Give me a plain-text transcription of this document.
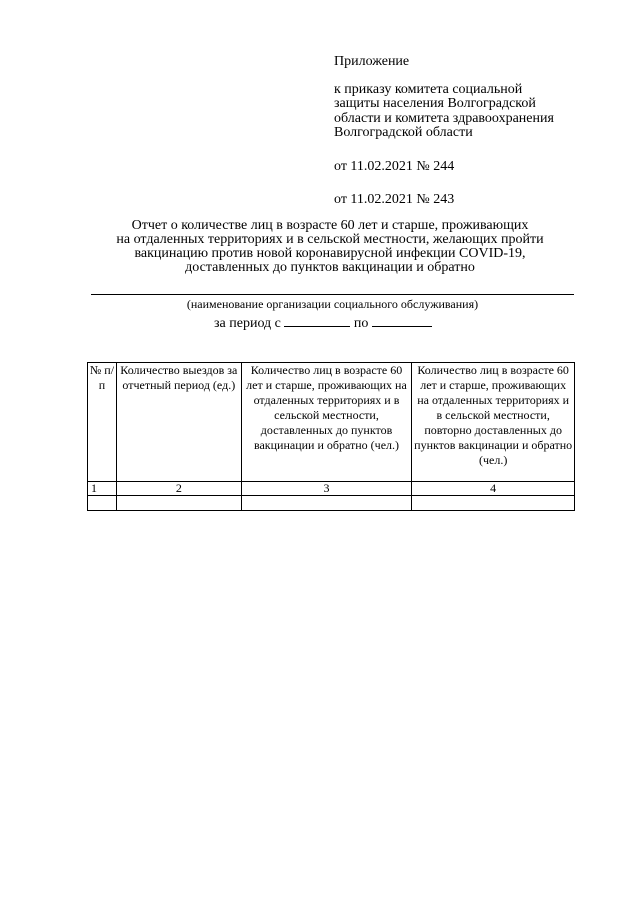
Приложение
к приказу комитета социальной
защиты населения Волгоградской
области и комитета здравоохранения
Волгоградской области
от 11.02.2021 № 244
от 11.02.2021 № 243
Отчет о количестве лиц в возрасте 60 лет и старше, проживающих
на отдаленных территориях и в сельской местности, желающих пройти
вакцинацию против новой коронавирусной инфекции COVID-19,
доставленных до пунктов вакцинации и обратно
(наименование организации социального обслуживания)
за период с	по
№ п/п	Количество выездов за отчетный период (ед.)	Количество лиц в возрасте 60 лет и старше, проживающих на отдаленных территориях и в сельской местности, доставленных до пунктов вакцинации и обратно (чел.)	Количество лиц в возрасте 60 лет и старше, проживающих на отдаленных территориях и в сельской местности, повторно доставленных до пунктов вакцинации и обратно (чел.)
1	2	3	4
